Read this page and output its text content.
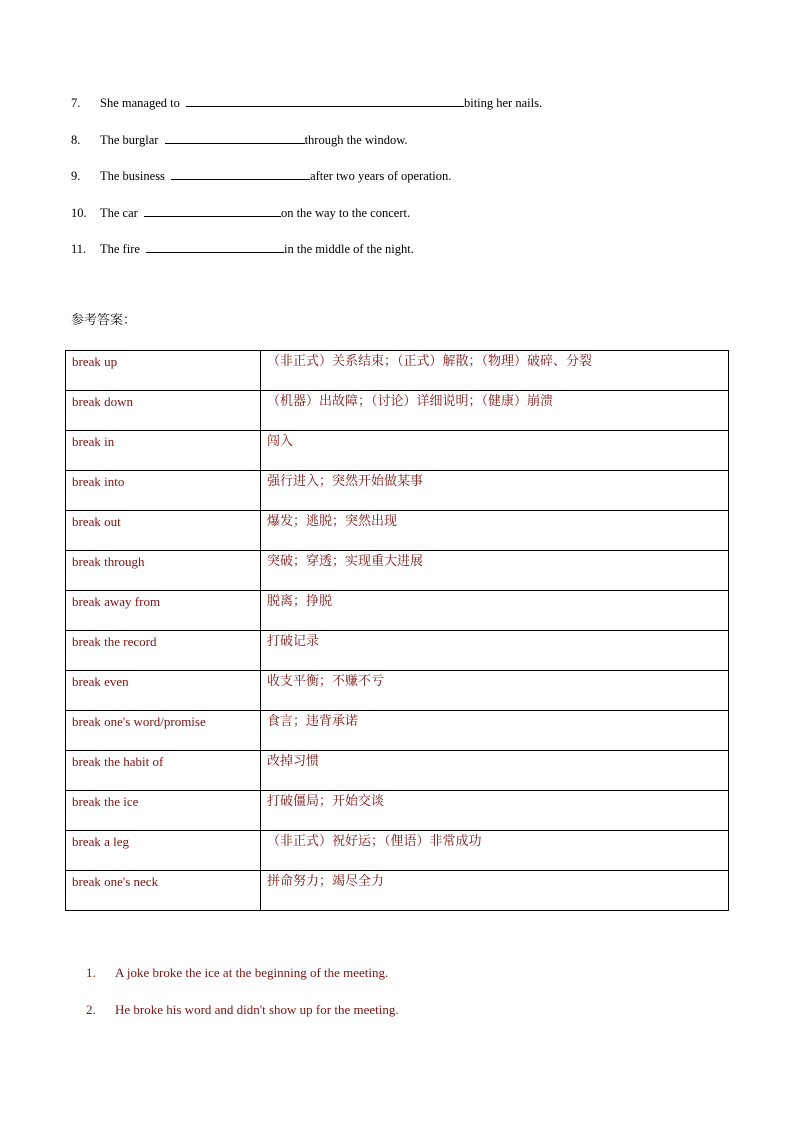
7. She managed to	biting her nails.
8. The burglar	through the window.
9. The business	after two years of operation.
10. The car	on the way to the concert.
11. The fire	in the middle of the night.
参考答案：
break up	（非正式）关系结束；（正式）解散；（物理）破碎、分裂
break down	（机器）出故障；（讨论）详细说明；（健康）崩溃
break in	闯入
break into	强行进入；突然开始做某事
break out	爆发；逃脱；突然出现
break through	突破；穿透；实现重大进展
break away from	脱离；挣脱
break the record	打破记录
break even	收支平衡；不赚不亏
break one's word/promise	食言；违背承诺
break the habit of	改掉习惯
break the ice	打破僵局；开始交谈
break a leg	（非正式）祝好运；（俚语）非常成功
break one's neck	拼命努力；竭尽全力
1. A joke broke the ice at the beginning of the meeting.
2. He broke his word and didn't show up for the meeting.
